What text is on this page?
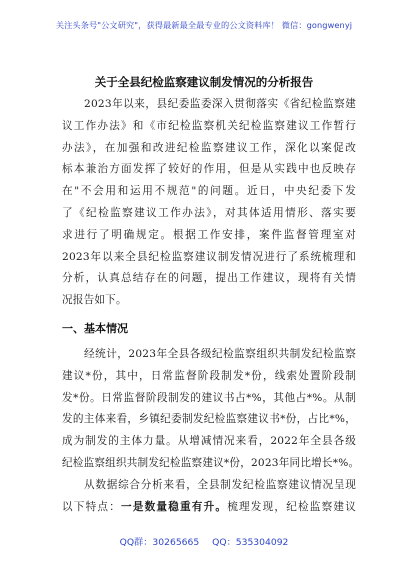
关注头条号"公文研究"，获得最新最全最专业的公文资料库！ 微信：gongwenyj
关于全县纪检监察建议制发情况的分析报告
2023年以来，县纪委监委深入贯彻落实《省纪检监察建
议工作办法》和《市纪检监察机关纪检监察建议工作暂行
办法》，在加强和改进纪检监察建议工作，深化以案促改
标本兼治方面发挥了较好的作用，但是从实践中也反映存
在"不会用和运用不规范"的问题。近日，中央纪委下发
了《纪检监察建议工作办法》，对其体适用情形、落实要
求进行了明确规定。根据工作安排，案件监督管理室对
2023年以来全县纪检监察建议制发情况进行了系统梳理和
分析，认真总结存在的问题，提出工作建议，现将有关情
况报告如下。
一、基本情况
经统计，2023年全县各级纪检监察组织共制发纪检监察
建议*份，其中，日常监督阶段制发*份，线索处置阶段制
发*份。日常监督阶段制发的建议书占*%，其他占*%。从制
发的主体来看，乡镇纪委制发纪检监察建议书*份，占比*%，
成为制发的主体力量。从增减情况来看，2022年全县各级
纪检监察组织共制发纪检监察建议*份，2023年同比增长*%。
从数据综合分析来看，全县制发纪检监察建议情况呈现
以下特点：一是数量稳重有升。梳理发现，纪检监察建议
QQ群：30265665 QQ：535304092
